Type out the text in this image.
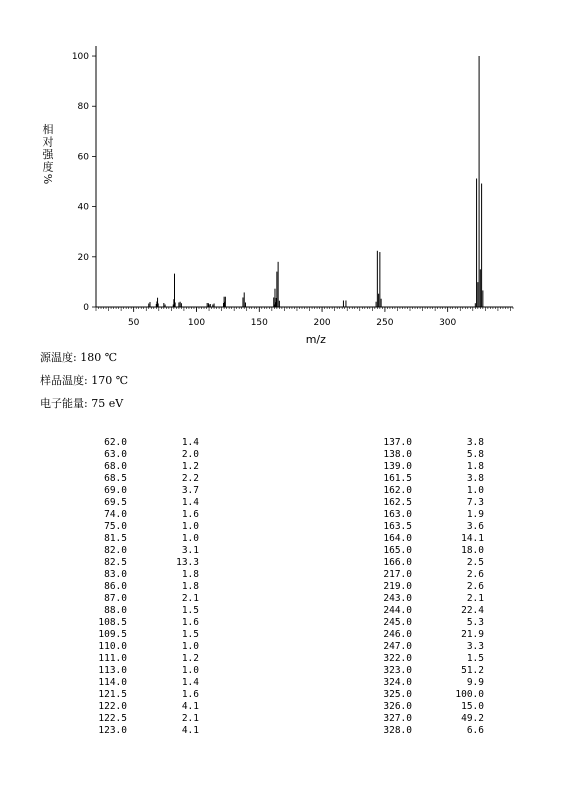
50	100	150	200	250	300
0
20
40
60
80
100
相
对
强
度
%
m/z
源温度: 180 ℃
样品温度: 170 ℃
电子能量: 75 eV
62.0	1.4
63.0	2.0
68.0	1.2
68.5	2.2
69.0	3.7
69.5	1.4
74.0	1.6
75.0	1.0
81.5	1.0
82.0	3.1
82.5	13.3
83.0	1.8
86.0	1.8
87.0	2.1
88.0	1.5
108.5	1.6
109.5	1.5
110.0	1.0
111.0	1.2
113.0	1.0
114.0	1.4
121.5	1.6
122.0	4.1
122.5	2.1
123.0	4.1
137.0	3.8
138.0	5.8
139.0	1.8
161.5	3.8
162.0	1.0
162.5	7.3
163.0	1.9
163.5	3.6
164.0	14.1
165.0	18.0
166.0	2.5
217.0	2.6
219.0	2.6
243.0	2.1
244.0	22.4
245.0	5.3
246.0	21.9
247.0	3.3
322.0	1.5
323.0	51.2
324.0	9.9
325.0	100.0
326.0	15.0
327.0	49.2
328.0	6.6
